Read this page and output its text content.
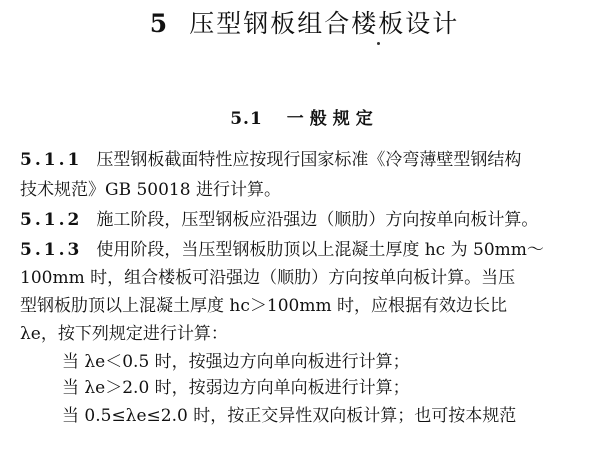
5 压型钢板组合楼板设计
5.1 一般规定
5.1.1 压型钢板截面特性应按现行国家标准《冷弯薄壁型钢结构
技术规范》GB 50018 进行计算。
5.1.2 施工阶段，压型钢板应沿强边（顺肋）方向按单向板计算。
5.1.3 使用阶段，当压型钢板肋顶以上混凝土厚度 hc 为 50mm～
100mm 时，组合楼板可沿强边（顺肋）方向按单向板计算。当压
型钢板肋顶以上混凝土厚度 hc＞100mm 时，应根据有效边长比
λe，按下列规定进行计算：
当 λe＜0.5 时，按强边方向单向板进行计算；
当 λe＞2.0 时，按弱边方向单向板进行计算；
当 0.5≤λe≤2.0 时，按正交异性双向板计算；也可按本规范
